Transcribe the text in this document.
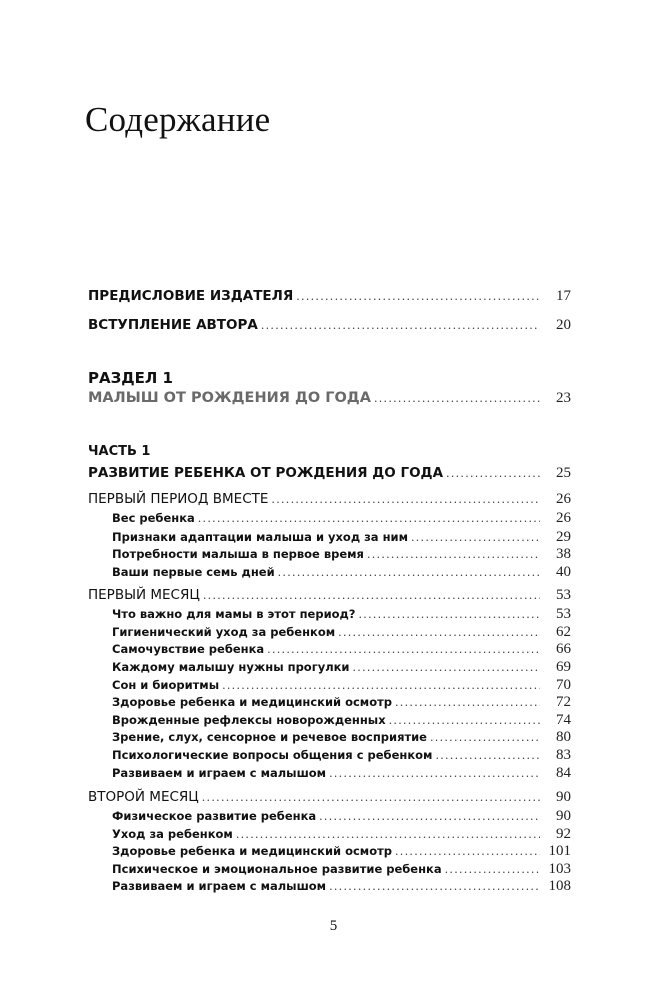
Содержание
ПРЕДИСЛОВИЕ ИЗДАТЕЛЯ . . .	17
ВСТУПЛЕНИЕ АВТОРА . . .	20
РАЗДЕЛ 1
МАЛЫШ ОТ РОЖДЕНИЯ ДО ГОДА . . .	23
ЧАСТЬ 1
РАЗВИТИЕ РЕБЕНКА ОТ РОЖДЕНИЯ ДО ГОДА . . .	25
ПЕРВЫЙ ПЕРИОД ВМЕСТЕ . . .	26
Вес ребенка . . .	26
Признаки адаптации малыша и уход за ним . . .	29
Потребности малыша в первое время . . .	38
Ваши первые семь дней . . .	40
ПЕРВЫЙ МЕСЯЦ . . .	53
Что важно для мамы в этот период? . . .	53
Гигиенический уход за ребенком . . .	62
Самочувствие ребенка . . .	66
Каждому малышу нужны прогулки . . .	69
Сон и биоритмы . . .	70
Здоровье ребенка и медицинский осмотр . . .	72
Врожденные рефлексы новорожденных . . .	74
Зрение, слух, сенсорное и речевое восприятие . . .	80
Психологические вопросы общения с ребенком . . .	83
Развиваем и играем с малышом . . .	84
ВТОРОЙ МЕСЯЦ . . .	90
Физическое развитие ребенка . . .	90
Уход за ребенком . . .	92
Здоровье ребенка и медицинский осмотр . . .	101
Психическое и эмоциональное развитие ребенка . . .	103
Развиваем и играем с малышом . . .	108
5
